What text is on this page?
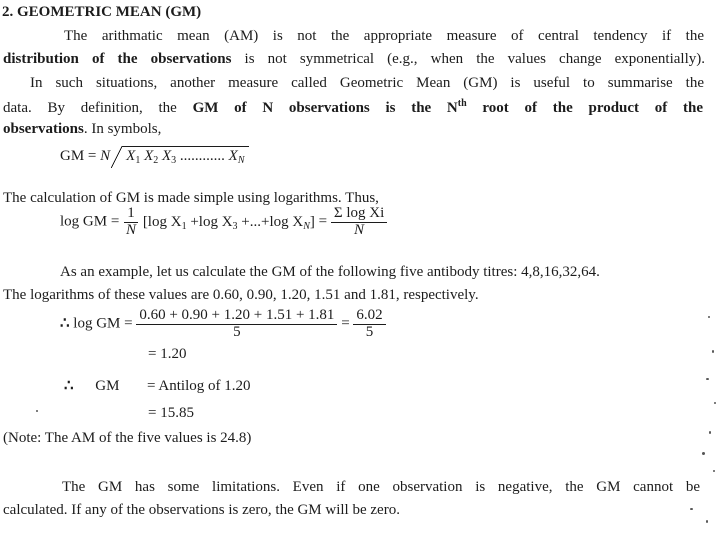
2. GEOMETRIC MEAN (GM)
The arithmatic mean (AM) is not the appropriate measure of central tendency if the
distribution of the observations is not symmetrical (e.g., when the values change exponentially).
In such situations, another measure called Geometric Mean (GM) is useful to summarise the
data. By definition, the GM of N observations is the $N^{th}$ root of the product of the
observations. In symbols,
GM = N $X_1$ $X_2$ $X_3$ ............ $X_N$
The calculation of GM is made simple using logarithms. Thus,
log GM = $\frac{1}{N} [\log$ $X_1 +\log$ $X_3 +...+\log$ $X_N] = \frac{\text{Σ log Xi}}{N}$
As an example, let us calculate the GM of the following five antibody titres: 4,8,16,32,64.
The logarithms of these values are 0.60, 0.90, 1.20, 1.51 and 1.81, respectively.
∴ log GM = $\frac{0.60 + 0.90 + 1.20 + 1.51 + 1.81}{5} = \frac{6.02}{5}$
= 1.20
∴ GM = Antilog of 1.20
= 15.85
(Note: The AM of the five values is 24.8)
The GM has some limitations. Even if one observation is negative, the GM cannot be
calculated. If any of the observations is zero, the GM will be zero.
